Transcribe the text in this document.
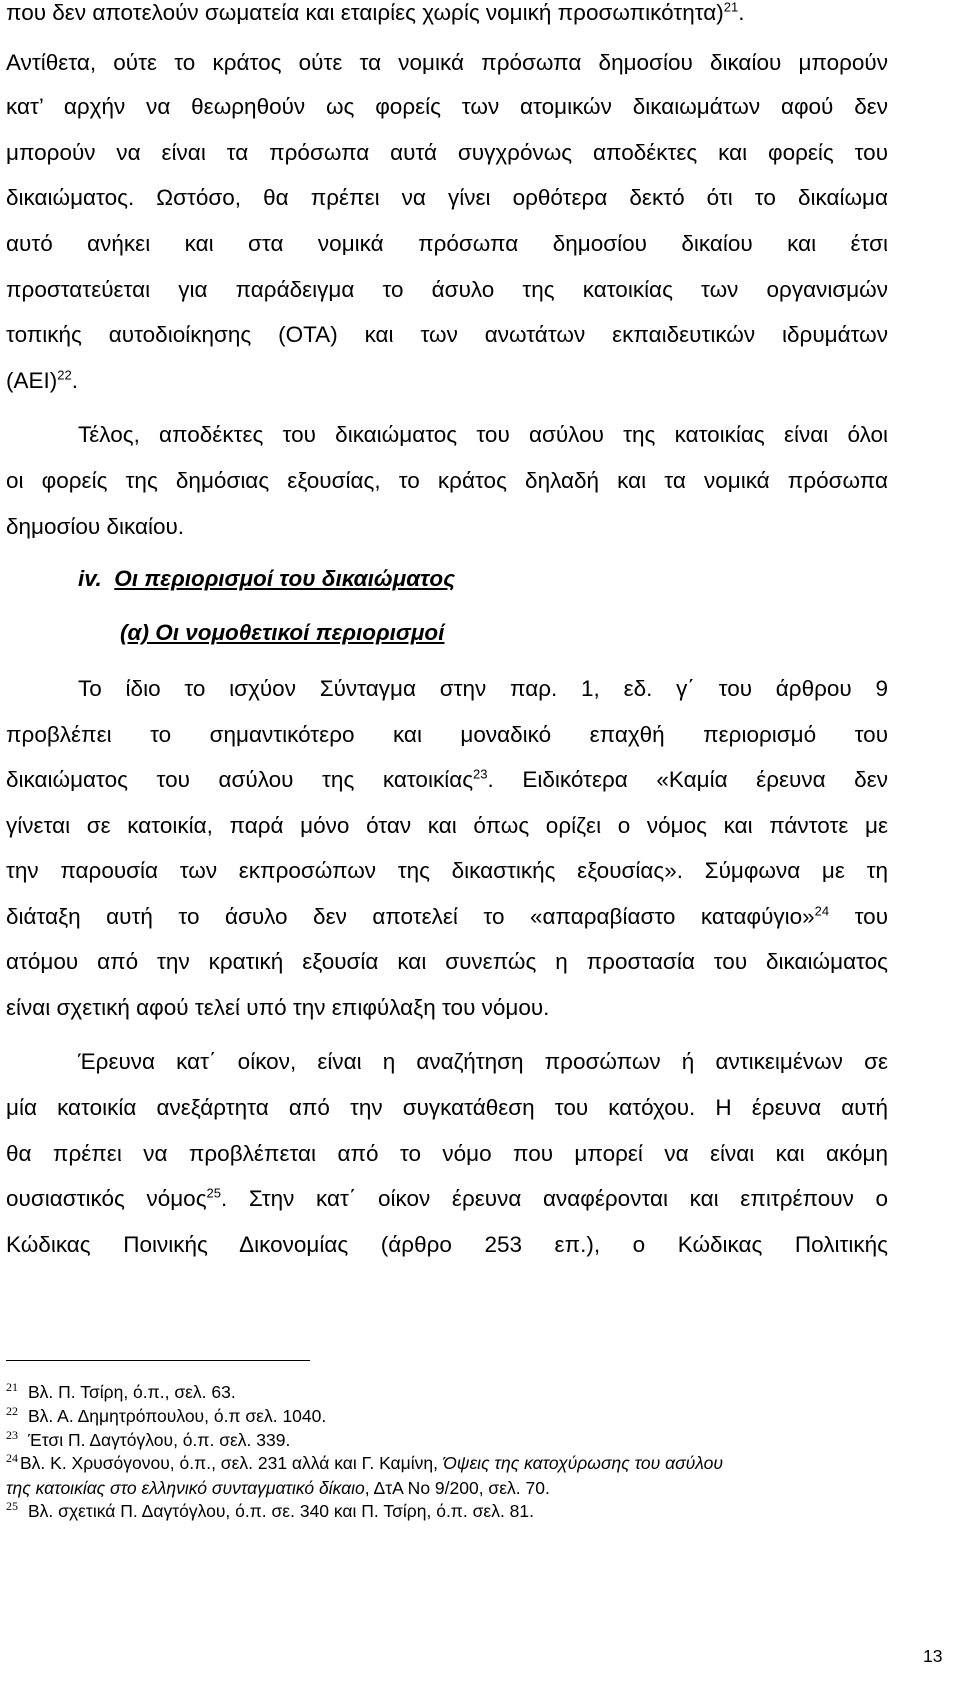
που δεν αποτελούν σωματεία και εταιρίες χωρίς νομική προσωπικότητα)$^{21}$.
Αντίθετα, ούτε το κράτος ούτε τα νομικά πρόσωπα δημοσίου δικαίου μπορούν
κατ’ αρχήν να θεωρηθούν ως φορείς των ατομικών δικαιωμάτων αφού δεν
μπορούν να είναι τα πρόσωπα αυτά συγχρόνως αποδέκτες και φορείς του
δικαιώματος. Ωστόσο, θα πρέπει να γίνει ορθότερα δεκτό ότι το δικαίωμα
αυτό ανήκει και στα νομικά πρόσωπα δημοσίου δικαίου και έτσι
προστατεύεται για παράδειγμα το άσυλο της κατοικίας των οργανισμών
τοπικής αυτοδιοίκησης (ΟΤΑ) και των ανωτάτων εκπαιδευτικών ιδρυμάτων
$(AEI)^{22}$.
Τέλος, αποδέκτες του δικαιώματος του ασύλου της κατοικίας είναι όλοι
οι φορείς της δημόσιας εξουσίας, το κράτος δηλαδή και τα νομικά πρόσωπα
δημοσίου δικαίου.
iv.  Οι περιορισμοί του δικαιώματος
(α) Οι νομοθετικοί περιορισμοί
Το ίδιο το ισχύον Σύνταγμα στην παρ. 1, εδ. γ΄ του άρθρου 9
προβλέπει το σημαντικότερο και μοναδικό επαχθή περιορισμό του
δικαιώματος του ασύλου της κατοικίας$^{23}$. Ειδικότερα «Καμία έρευνα δεν
γίνεται σε κατοικία, παρά μόνο όταν και όπως ορίζει ο νόμος και πάντοτε με
την παρουσία των εκπροσώπων της δικαστικής εξουσίας». Σύμφωνα με τη
διάταξη αυτή το άσυλο δεν αποτελεί το «απαραβίαστο καταφύγιο»$^{24}$ του
ατόμου από την κρατική εξουσία και συνεπώς η προστασία του δικαιώματος
είναι σχετική αφού τελεί υπό την επιφύλαξη του νόμου.
Έρευνα κατ΄ οίκον, είναι η αναζήτηση προσώπων ή αντικειμένων σε
μία κατοικία ανεξάρτητα από την συγκατάθεση του κατόχου. Η έρευνα αυτή
θα πρέπει να προβλέπεται από το νόμο που μπορεί να είναι και ακόμη
ουσιαστικός νόμος$^{25}$. Στην κατ΄ οίκον έρευνα αναφέρονται και επιτρέπουν ο
Κώδικας Ποινικής Δικονομίας (άρθρο 253 επ.), ο Κώδικας Πολιτικής
21 Βλ. Π. Τσίρη, ό.π., σελ. 63.
22 Βλ. Α. Δημητρόπουλου, ό.π σελ. 1040.
23 Έτσι Π. Δαγτόγλου, ό.π. σελ. 339.
24 Βλ. Κ. Χρυσόγονου, ό.π., σελ. 231 αλλά και Γ. Καμίνη, Όψεις της κατοχύρωσης του ασύλου
της κατοικίας στο ελληνικό συνταγματικό δίκαιο, ΔτΑ Νο 9/200, σελ. 70.
25 Βλ. σχετικά Π. Δαγτόγλου, ό.π. σε. 340 και Π. Τσίρη, ό.π. σελ. 81.
13
